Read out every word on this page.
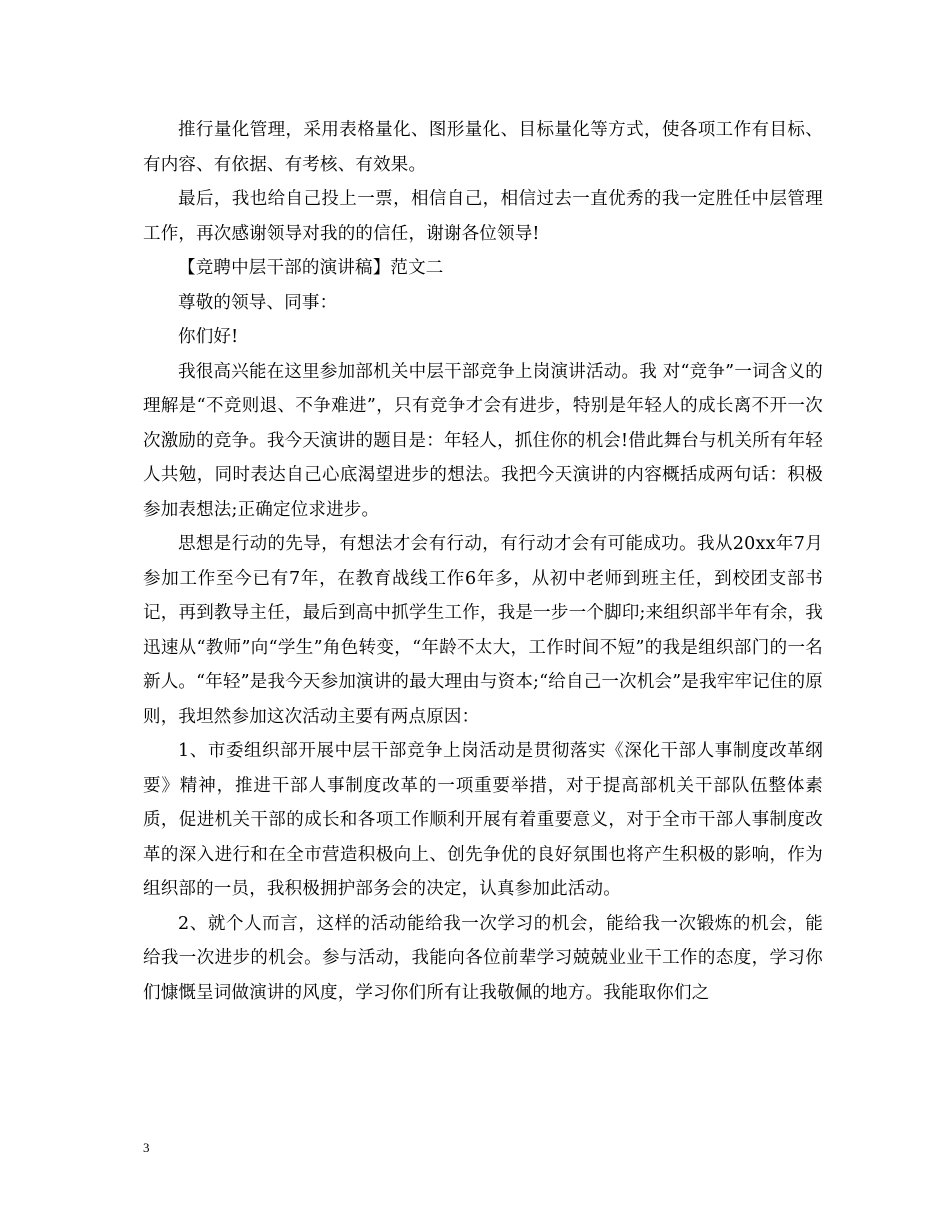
推行量化管理，采用表格量化、图形量化、目标量化等方式，使各项工作有目标、有内容、有依据、有考核、有效果。

最后，我也给自己投上一票，相信自己，相信过去一直优秀的我一定胜任中层管理工作，再次感谢领导对我的的信任，谢谢各位领导!

【竞聘中层干部的演讲稿】范文二

尊敬的领导、同事：

你们好!

我很高兴能在这里参加部机关中层干部竞争上岗演讲活动。我 对“竞争”一词含义的理解是“不竞则退、不争难进”，只有竞争才会有进步，特别是年轻人的成长离不开一次次激励的竞争。我今天演讲的题目是：年轻人，抓住你的机会!借此舞台与机关所有年轻人共勉，同时表达自己心底渴望进步的想法。我把今天演讲的内容概括成两句话：积极参加表想法;正确定位求进步。

思想是行动的先导，有想法才会有行动，有行动才会有可能成功。我从20xx年7月参加工作至今已有7年，在教育战线工作6年多，从初中老师到班主任，到校团支部书记，再到教导主任，最后到高中抓学生工作，我是一步一个脚印;来组织部半年有余，我迅速从“教师”向“学生”角色转变，“年龄不太大，工作时间不短”的我是组织部门的一名新人。“年轻”是我今天参加演讲的最大理由与资本;“给自己一次机会”是我牢牢记住的原则，我坦然参加这次活动主要有两点原因：

1、市委组织部开展中层干部竞争上岗活动是贯彻落实《深化干部人事制度改革纲要》精神，推进干部人事制度改革的一项重要举措，对于提高部机关干部队伍整体素质，促进机关干部的成长和各项工作顺利开展有着重要意义，对于全市干部人事制度改革的深入进行和在全市营造积极向上、创先争优的良好氛围也将产生积极的影响，作为组织部的一员，我积极拥护部务会的决定，认真参加此活动。

2、就个人而言，这样的活动能给我一次学习的机会，能给我一次锻炼的机会，能给我一次进步的机会。参与活动，我能向各位前辈学习兢兢业业干工作的态度，学习你们慷慨呈词做演讲的风度，学习你们所有让我敬佩的地方。我能取你们之

3
